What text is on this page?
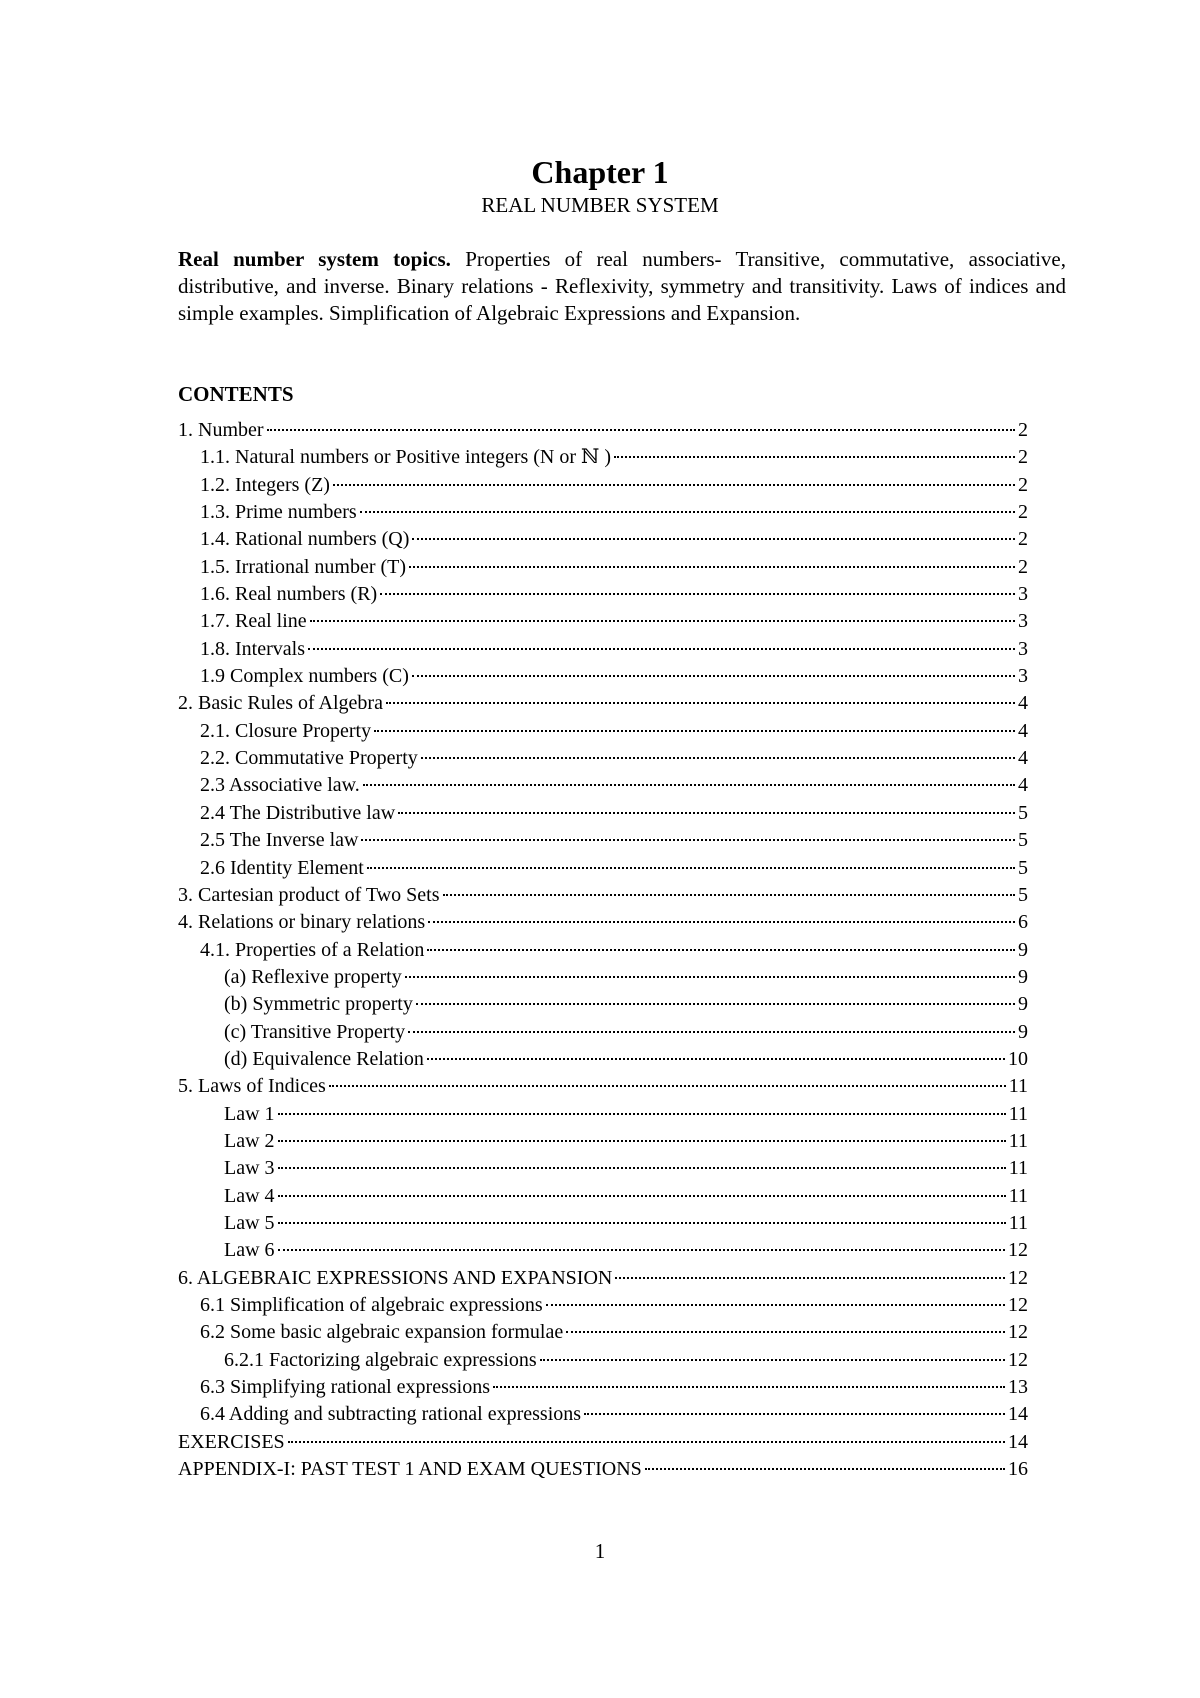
Chapter 1
REAL NUMBER SYSTEM

Real number system topics. Properties of real numbers- Transitive, commutative, associative, distributive, and inverse. Binary relations - Reflexivity, symmetry and transitivity. Laws of indices and simple examples. Simplification of Algebraic Expressions and Expansion.

CONTENTS
1. Number	2
1.1. Natural numbers or Positive integers (N or ℕ )	2
1.2. Integers (Z)	2
1.3. Prime numbers	2
1.4. Rational numbers (Q)	2
1.5. Irrational number (T)	2
1.6. Real numbers (R)	3
1.7. Real line	3
1.8. Intervals	3
1.9 Complex numbers (C)	3
2. Basic Rules of Algebra	4
2.1. Closure Property	4
2.2. Commutative Property	4
2.3 Associative law.	4
2.4 The Distributive law	5
2.5 The Inverse law	5
2.6 Identity Element	5
3. Cartesian product of Two Sets	5
4. Relations or binary relations	6
4.1. Properties of a Relation	9
(a) Reflexive property	9
(b) Symmetric property	9
(c) Transitive Property	9
(d) Equivalence Relation	10
5. Laws of Indices	11
Law 1	11
Law 2	11
Law 3	11
Law 4	11
Law 5	11
Law 6	12
6. ALGEBRAIC EXPRESSIONS AND EXPANSION	12
6.1 Simplification of algebraic expressions	12
6.2 Some basic algebraic expansion formulae	12
6.2.1 Factorizing algebraic expressions	12
6.3 Simplifying rational expressions	13
6.4 Adding and subtracting rational expressions	14
EXERCISES	14
APPENDIX-I: PAST TEST 1 AND EXAM QUESTIONS	16
1
